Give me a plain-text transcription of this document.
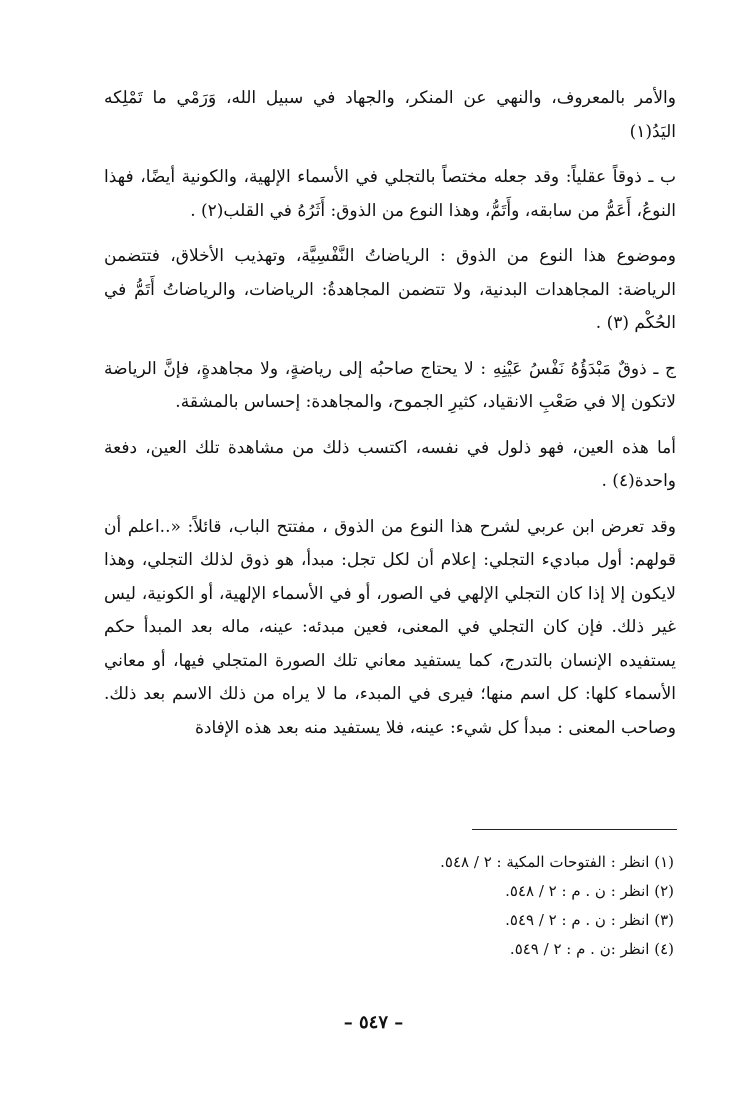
والأمر بالمعروف، والنهي عن المنكر، والجهاد في سبيل الله، وَرَمْي ما تَمْلِكه اليَدُ(١)

ب ـ ذوقاً عقلياً: وقد جعله مختصاً بالتجلي في الأسماء الإلهية، والكونية أيضًا، فهذا النوعُ، أَعَمُّ من سابقه، وأَتَمُّ، وهذا النوع من الذوق: أَثَرُهُ في القلب(٢) .

وموضوع هذا النوع من الذوق : الرياضاتُ النَّفْسِيَّة، وتهذيب الأخلاق، فتتضمن الرياضة: المجاهدات البدنية، ولا تتضمن المجاهدةُ: الرياضات، والرياضاتُ أَتَمُّ في الحُكْم (٣) .

ج ـ ذوقٌ مَبْدَؤُهُ نَفْسُ عَيْنِهِ : لا يحتاج صاحبُه إلى رياضةٍ، ولا مجاهدةٍ، فإنَّ الرياضة لاتكون إلا في صَعْبِ الانقياد، كثيرِ الجموح، والمجاهدة: إحساس بالمشقة.

أما هذه العين، فهو ذلول في نفسه، اكتسب ذلك من مشاهدة تلك العين، دفعة واحدة(٤) .

وقد تعرض ابن عربي لشرح هذا النوع من الذوق ، مفتتح الباب، قائلاً: «..اعلم أن قولهم: أول مباديء التجلي: إعلام أن لكل تجل: مبدأ، هو ذوق لذلك التجلي، وهذا لايكون إلا إذا كان التجلي الإلهي في الصور، أو في الأسماء الإلهية، أو الكونية، ليس غير ذلك. فإن كان التجلي في المعنى، فعين مبدئه: عينه، ماله بعد المبدأ حكم يستفيده الإنسان بالتدرج، كما يستفيد معاني تلك الصورة المتجلي فيها، أو معاني الأسماء كلها: كل اسم منها؛ فيرى في المبدء، ما لا يراه من ذلك الاسم بعد ذلك. وصاحب المعنى : مبدأ كل شيء: عينه، فلا يستفيد منه بعد هذه الإفادة

(١) انظر : الفتوحات المكية : ٢ / ٥٤٨.
(٢) انظر : ن . م : ٢ / ٥٤٨.
(٣) انظر : ن . م : ٢ / ٥٤٩.
(٤) انظر :ن . م : ٢ / ٥٤٩.
– ٥٤٧ –
